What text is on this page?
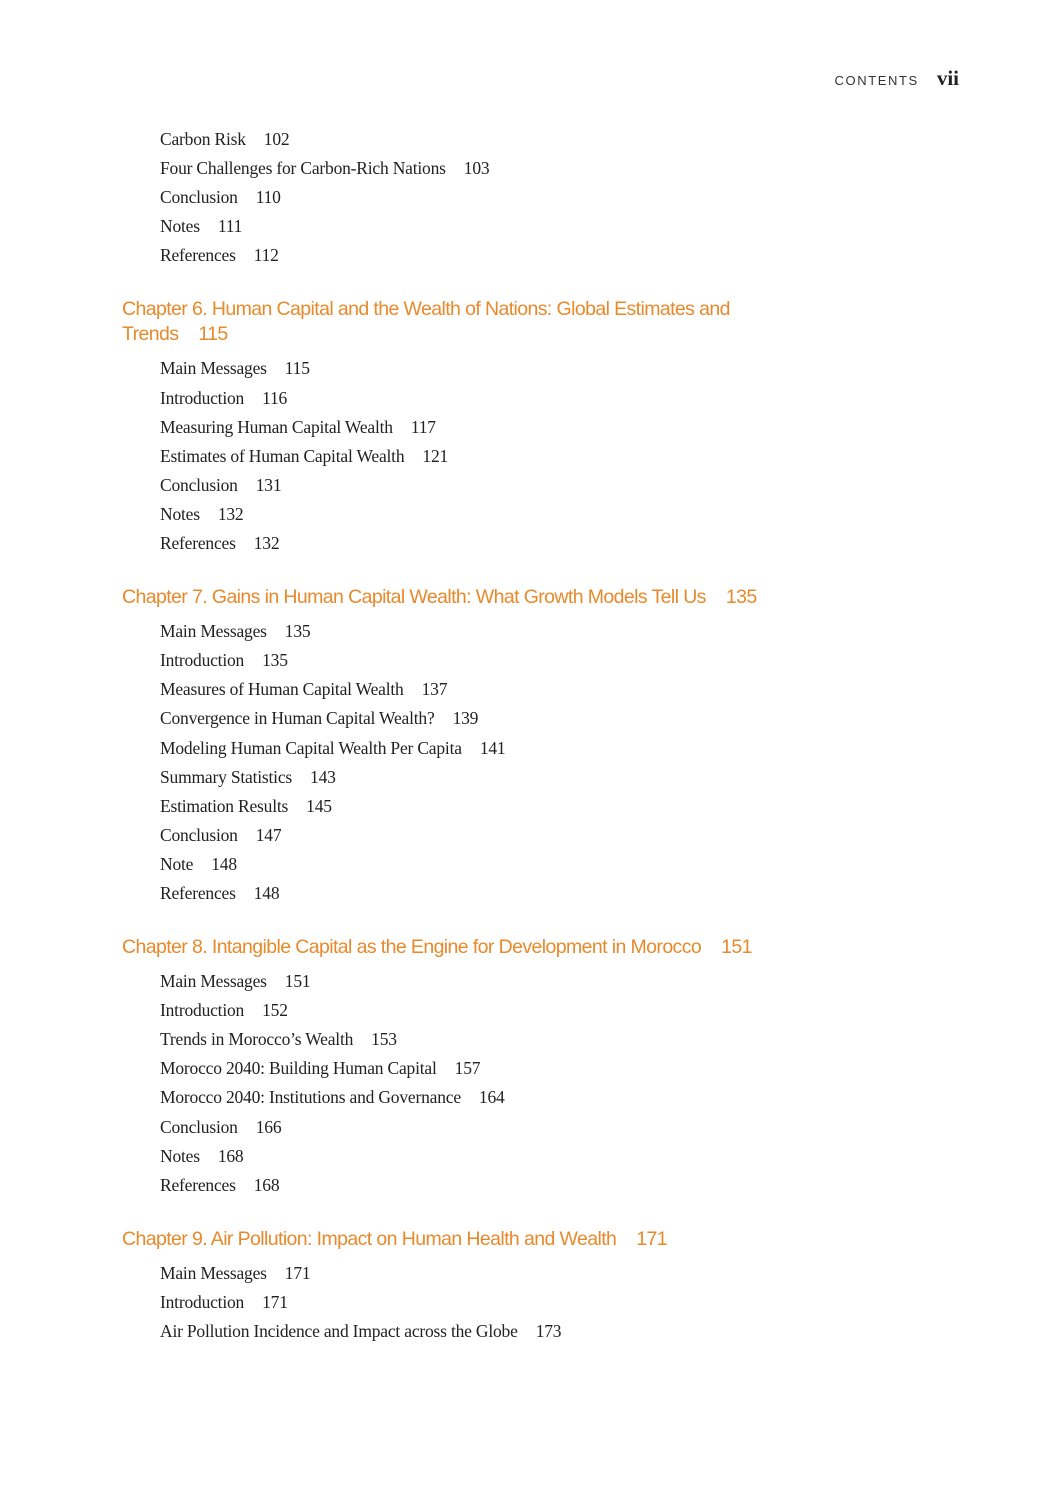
CONTENTS vii
Carbon Risk 102
Four Challenges for Carbon-Rich Nations 103
Conclusion 110
Notes 111
References 112
Chapter 6. Human Capital and the Wealth of Nations: Global Estimates and Trends 115
Main Messages 115
Introduction 116
Measuring Human Capital Wealth 117
Estimates of Human Capital Wealth 121
Conclusion 131
Notes 132
References 132
Chapter 7. Gains in Human Capital Wealth: What Growth Models Tell Us 135
Main Messages 135
Introduction 135
Measures of Human Capital Wealth 137
Convergence in Human Capital Wealth? 139
Modeling Human Capital Wealth Per Capita 141
Summary Statistics 143
Estimation Results 145
Conclusion 147
Note 148
References 148
Chapter 8. Intangible Capital as the Engine for Development in Morocco 151
Main Messages 151
Introduction 152
Trends in Morocco’s Wealth 153
Morocco 2040: Building Human Capital 157
Morocco 2040: Institutions and Governance 164
Conclusion 166
Notes 168
References 168
Chapter 9. Air Pollution: Impact on Human Health and Wealth 171
Main Messages 171
Introduction 171
Air Pollution Incidence and Impact across the Globe 173
